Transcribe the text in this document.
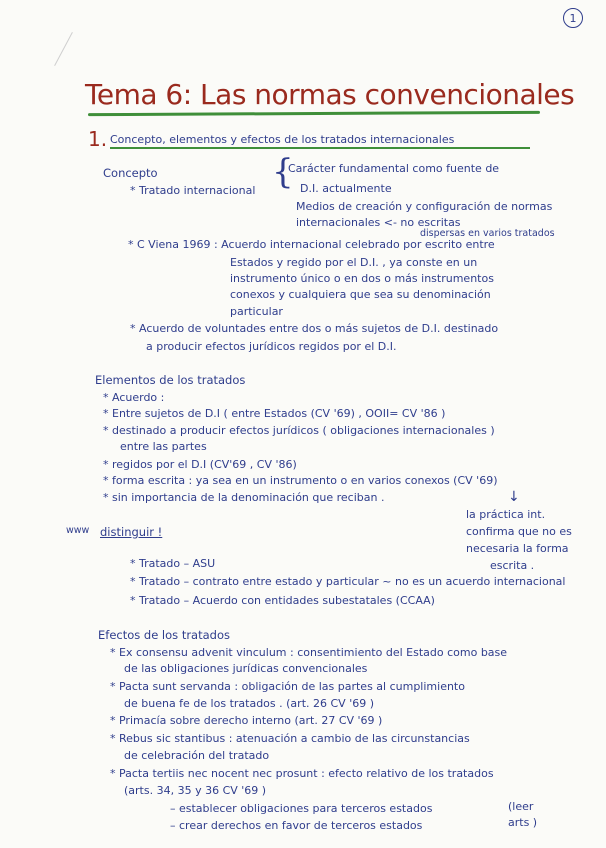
1
Tema 6: Las normas convencionales
1. Concepto, elementos y efectos de los tratados internacionales
Concepto
* Tratado internacional {
Carácter fundamental como fuente de
D.I. actualmente
Medios de creación y configuración de normas
internacionales <- no escritas
dispersas en varios tratados
* C Viena 1969 : Acuerdo internacional celebrado por escrito entre
Estados y regido por el D.I. , ya conste en un
instrumento único o en dos o más instrumentos
conexos y cualquiera que sea su denominación
particular
* Acuerdo de voluntades entre dos o más sujetos de D.I. destinado
a producir efectos jurídicos regidos por el D.I.
Elementos de los tratados
* Acuerdo :
* Entre sujetos de D.I ( entre Estados (CV '69) , OOII= CV '86 )
* destinado a producir efectos jurídicos ( obligaciones internacionales )
entre las partes
* regidos por el D.I (CV'69 , CV '86)
* forma escrita : ya sea en un instrumento o en varios conexos (CV '69)
* sin importancia de la denominación que reciban .	↓
la práctica int.
confirma que no es
necesaria la forma
escrita .
www distinguir !
* Tratado – ASU
* Tratado – contrato entre estado y particular ~ no es un acuerdo internacional
* Tratado – Acuerdo con entidades subestatales (CCAA)
Efectos de los tratados
* Ex consensu advenit vinculum : consentimiento del Estado como base
de las obligaciones jurídicas convencionales
* Pacta sunt servanda : obligación de las partes al cumplimiento
de buena fe de los tratados . (art. 26 CV '69 )
* Primacía sobre derecho interno (art. 27 CV '69 )
* Rebus sic stantibus : atenuación a cambio de las circunstancias
de celebración del tratado
* Pacta tertiis nec nocent nec prosunt : efecto relativo de los tratados
(arts. 34, 35 y 36 CV '69 )
– establecer obligaciones para terceros estados
– crear derechos en favor de terceros estados
(leer
arts )
